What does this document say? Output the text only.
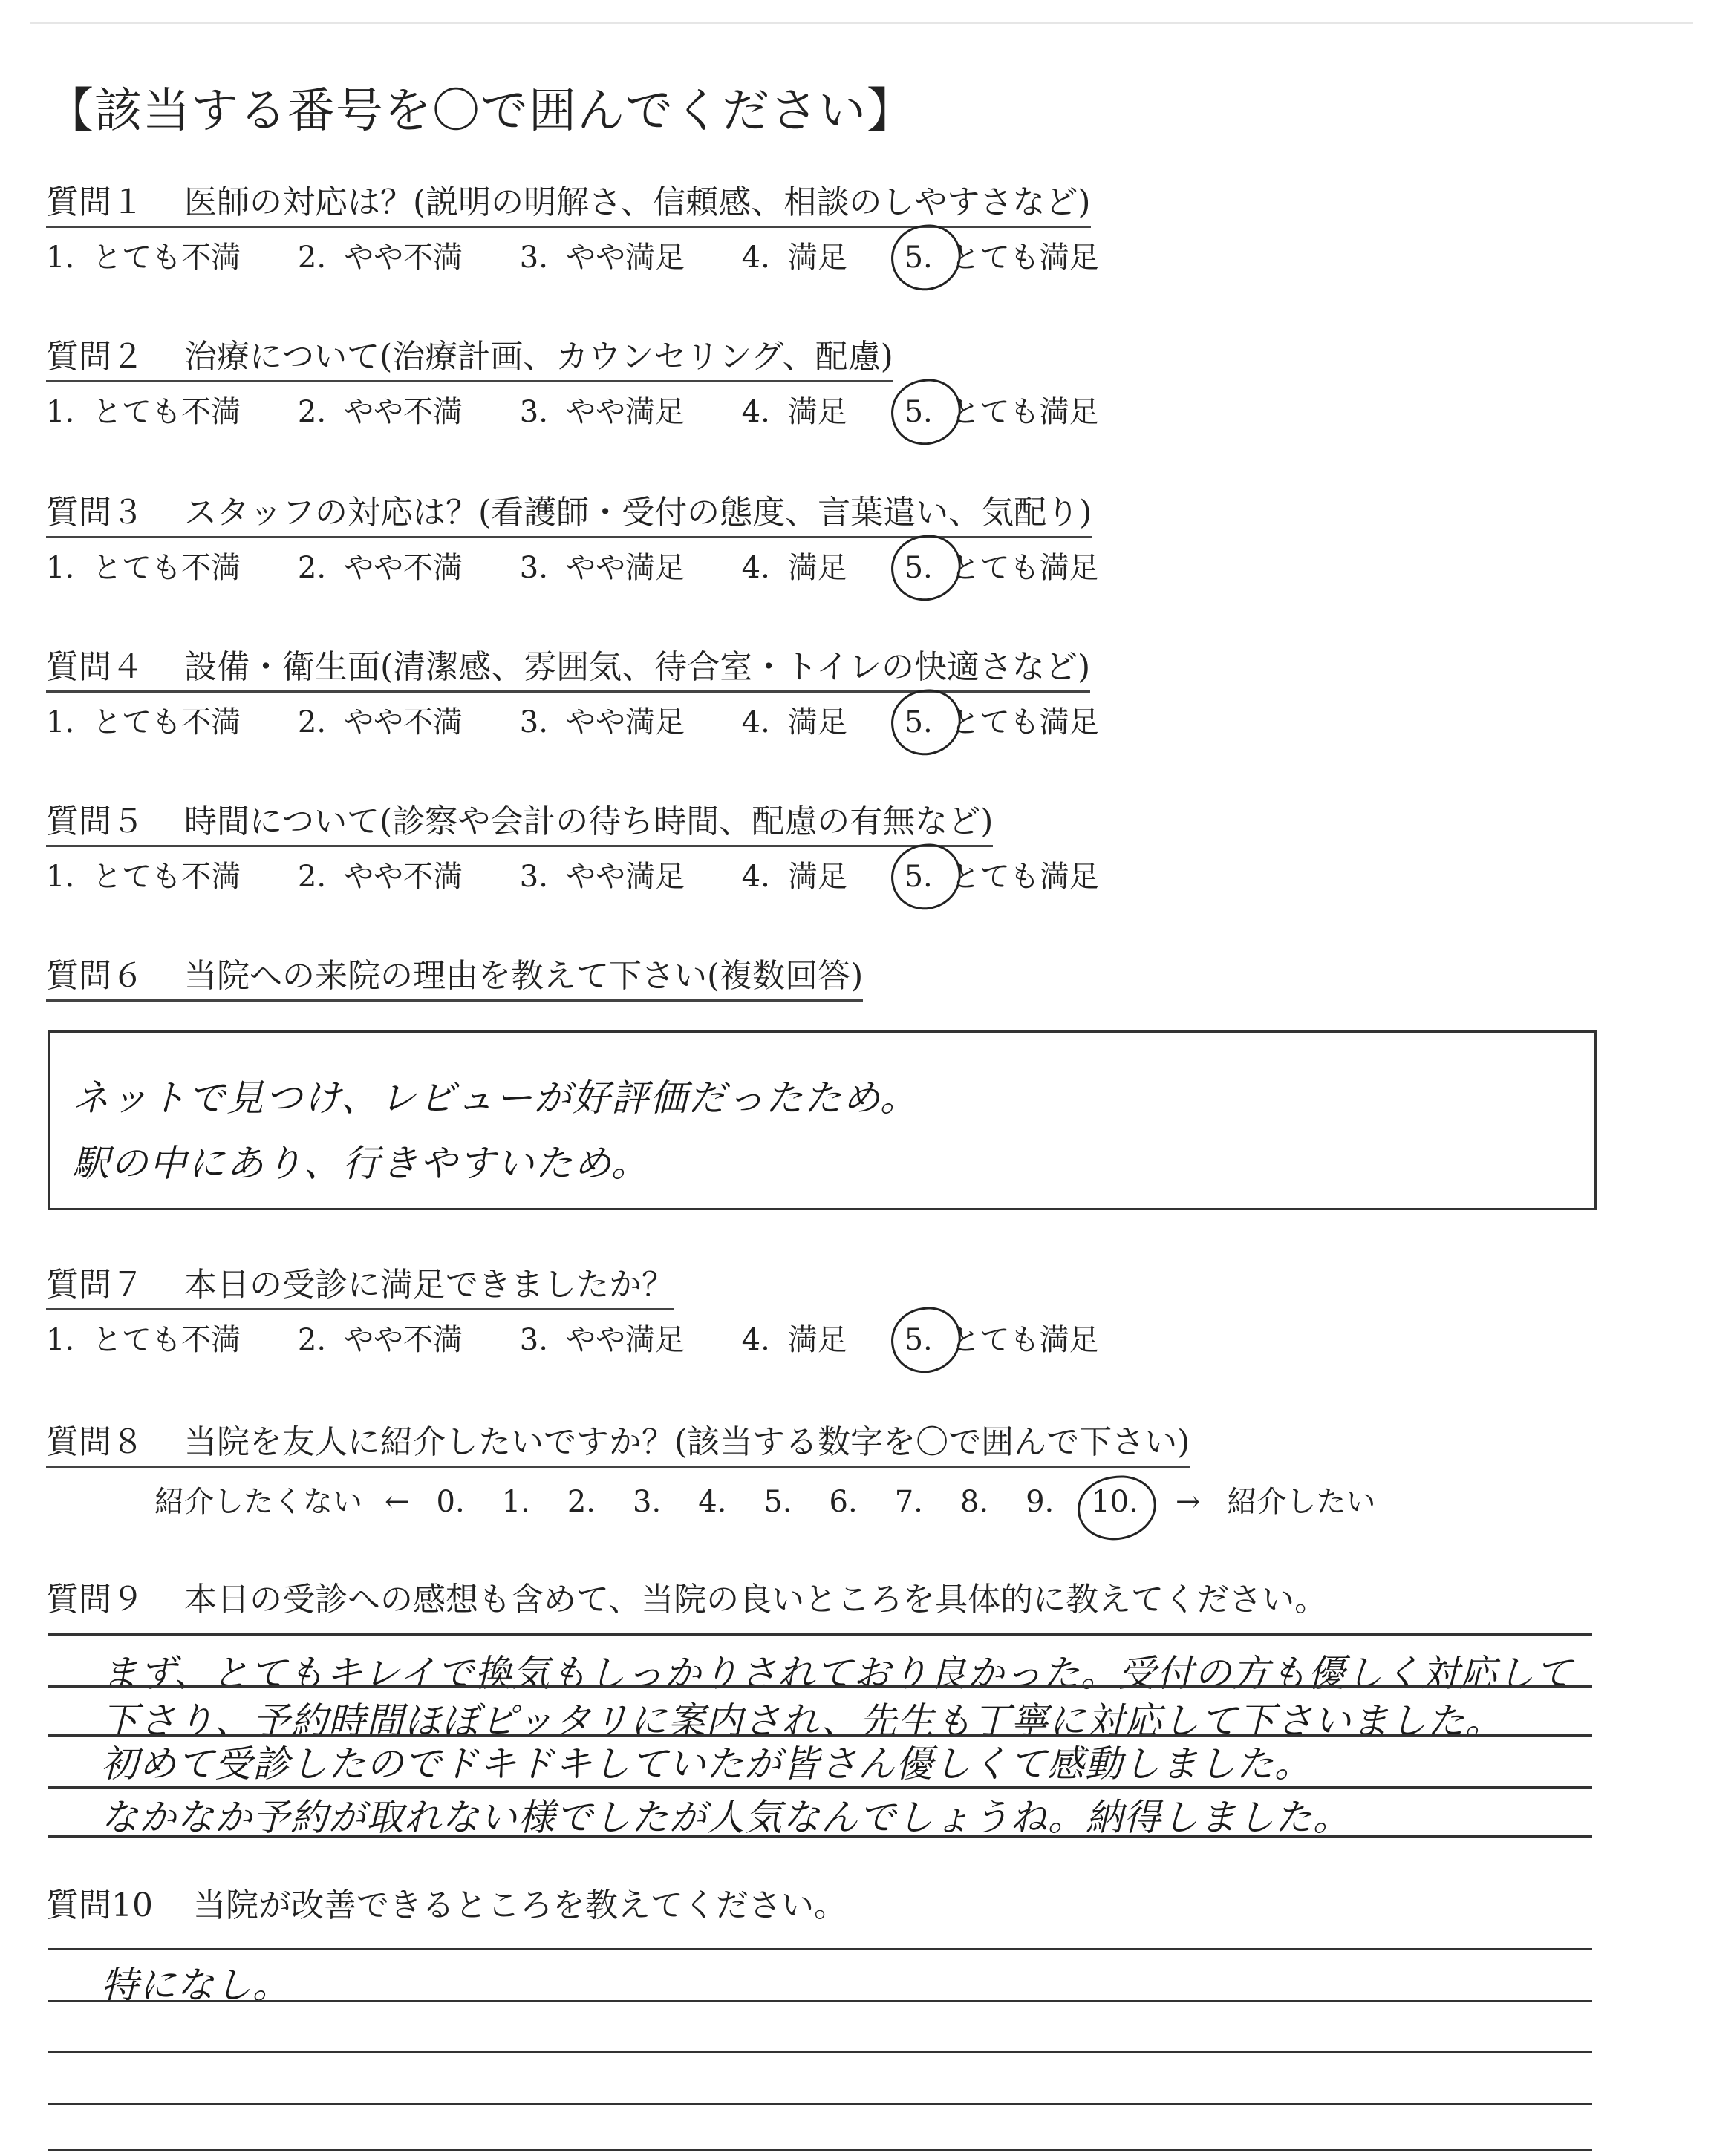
【該当する番号を〇で囲んでください】
質問１ 医師の対応は？(説明の明解さ、信頼感、相談のしやすさなど)
1. とても不満 2. やや不満 3. やや満足 4. 満足 5. とても満足
質問２ 治療について(治療計画、カウンセリング、配慮)
1. とても不満 2. やや不満 3. やや満足 4. 満足 5. とても満足
質問３ スタッフの対応は？(看護師・受付の態度、言葉遣い、気配り)
1. とても不満 2. やや不満 3. やや満足 4. 満足 5. とても満足
質問４ 設備・衛生面(清潔感、雰囲気、待合室・トイレの快適さなど)
1. とても不満 2. やや不満 3. やや満足 4. 満足 5. とても満足
質問５ 時間について(診察や会計の待ち時間、配慮の有無など)
1. とても不満 2. やや不満 3. やや満足 4. 満足 5. とても満足
質問６ 当院への来院の理由を教えて下さい(複数回答)
ネットで見つけ、レビューが好評価だったため。
駅の中にあり、行きやすいため。
質問７ 本日の受診に満足できましたか？
1. とても不満 2. やや不満 3. やや満足 4. 満足 5. とても満足
質問８ 当院を友人に紹介したいですか？(該当する数字を〇で囲んで下さい)
紹介したくない ← 0. 1. 2. 3. 4. 5. 6. 7. 8. 9. 10. → 紹介したい
質問９ 本日の受診への感想も含めて、当院の良いところを具体的に教えてください。
まず、とてもキレイで換気もしっかりされており良かった。受付の方も優しく対応して
下さり、予約時間ほぼピッタリに案内され、先生も丁寧に対応して下さいました。
初めて受診したのでドキドキしていたが皆さん優しくて感動しました。
なかなか予約が取れない様でしたが人気なんでしょうね。納得しました。
質問10 当院が改善できるところを教えてください。
特になし。
